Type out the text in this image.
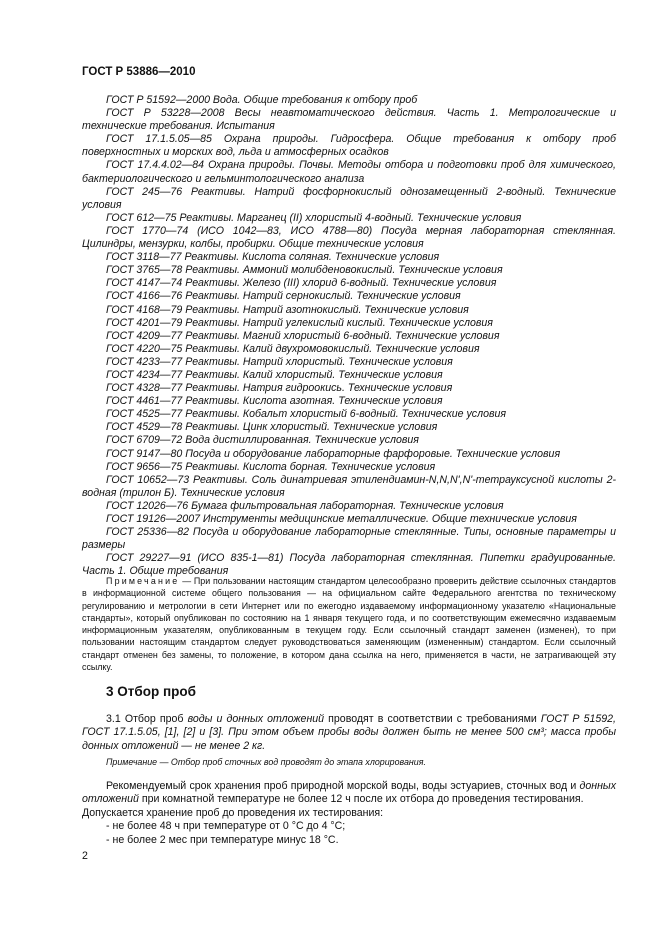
ГОСТ Р 53886—2010

ГОСТ Р 51592—2000 Вода. Общие требования к отбору проб

ГОСТ Р 53228—2008 Весы неавтоматического действия. Часть 1. Метрологические и технические требования. Испытания

ГОСТ 17.1.5.05—85 Охрана природы. Гидросфера. Общие требования к отбору проб поверхностных и морских вод, льда и атмосферных осадков

ГОСТ 17.4.4.02—84 Охрана природы. Почвы. Методы отбора и подготовки проб для химического, бактериологического и гельминтологического анализа

ГОСТ 245—76 Реактивы. Натрий фосфорнокислый однозамещенный 2-водный. Технические условия

ГОСТ 612—75 Реактивы. Марганец (II) хлористый 4-водный. Технические условия

ГОСТ 1770—74 (ИСО 1042—83, ИСО 4788—80) Посуда мерная лабораторная стеклянная. Цилиндры, мензурки, колбы, пробирки. Общие технические условия

ГОСТ 3118—77 Реактивы. Кислота соляная. Технические условия

ГОСТ 3765—78 Реактивы. Аммоний молибденовокислый. Технические условия

ГОСТ 4147—74 Реактивы. Железо (III) хлорид 6-водный. Технические условия

ГОСТ 4166—76 Реактивы. Натрий сернокислый. Технические условия

ГОСТ 4168—79 Реактивы. Натрий азотнокислый. Технические условия

ГОСТ 4201—79 Реактивы. Натрий углекислый кислый. Технические условия

ГОСТ 4209—77 Реактивы. Магний хлористый 6-водный. Технические условия

ГОСТ 4220—75 Реактивы. Калий двухромовокислый. Технические условия

ГОСТ 4233—77 Реактивы. Натрий хлористый. Технические условия

ГОСТ 4234—77 Реактивы. Калий хлористый. Технические условия

ГОСТ 4328—77 Реактивы. Натрия гидроокись. Технические условия

ГОСТ 4461—77 Реактивы. Кислота азотная. Технические условия

ГОСТ 4525—77 Реактивы. Кобальт хлористый 6-водный. Технические условия

ГОСТ 4529—78 Реактивы. Цинк хлористый. Технические условия

ГОСТ 6709—72 Вода дистиллированная. Технические условия

ГОСТ 9147—80 Посуда и оборудование лабораторные фарфоровые. Технические условия

ГОСТ 9656—75 Реактивы. Кислота борная. Технические условия

ГОСТ 10652—73 Реактивы. Соль динатриевая этилендиамин-N,N,N',N'-тетрауксусной кислоты 2-водная (трилон Б). Технические условия

ГОСТ 12026—76 Бумага фильтровальная лабораторная. Технические условия

ГОСТ 19126—2007 Инструменты медицинские металлические. Общие технические условия

ГОСТ 25336—82 Посуда и оборудование лабораторные стеклянные. Типы, основные параметры и размеры

ГОСТ 29227—91 (ИСО 835-1—81) Посуда лабораторная стеклянная. Пипетки градуированные. Часть 1. Общие требования

Примечание — При пользовании настоящим стандартом целесообразно проверить действие ссылочных стандартов в информационной системе общего пользования — на официальном сайте Федерального агентства по техническому регулированию и метрологии в сети Интернет или по ежегодно издаваемому информационному указателю «Национальные стандарты», который опубликован по состоянию на 1 января текущего года, и по соответствующим ежемесячно издаваемым информационным указателям, опубликованным в текущем году. Если ссылочный стандарт заменен (изменен), то при пользовании настоящим стандартом следует руководствоваться заменяющим (измененным) стандартом. Если ссылочный стандарт отменен без замены, то положение, в котором дана ссылка на него, применяется в части, не затрагивающей эту ссылку.

3 Отбор проб

3.1 Отбор проб воды и донных отложений проводят в соответствии с требованиями ГОСТ Р 51592, ГОСТ 17.1.5.05, [1], [2] и [3]. При этом объем пробы воды должен быть не менее 500 см³; масса пробы донных отложений — не менее 2 кг.

Примечание — Отбор проб сточных вод проводят до этапа хлорирования.

Рекомендуемый срок хранения проб природной морской воды, воды эстуариев, сточных вод и донных отложений при комнатной температуре не более 12 ч после их отбора до проведения тестирования.

Допускается хранение проб до проведения их тестирования:

- не более 48 ч при температуре от 0 °С до 4 °С;

- не более 2 мес при температуре минус 18 °С.

2
